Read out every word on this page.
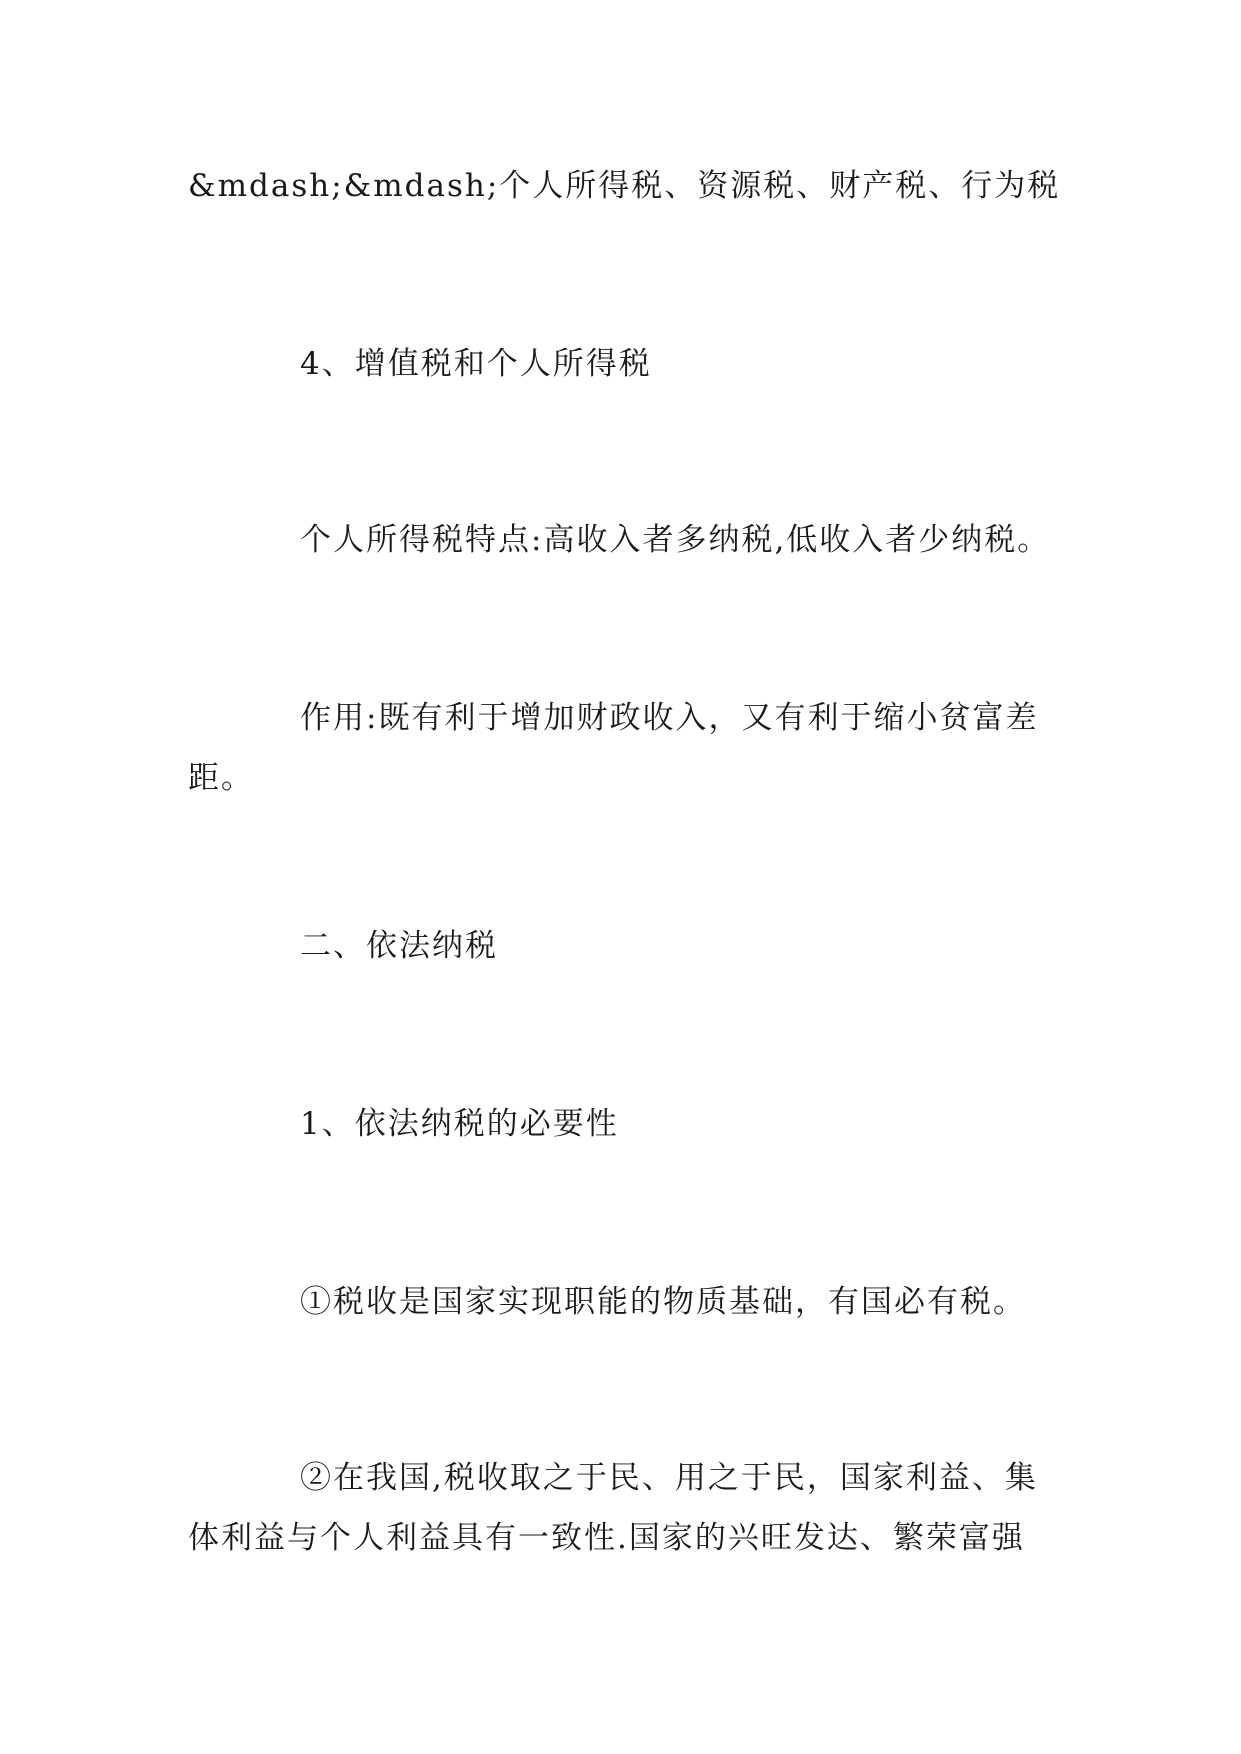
&mdash;&mdash;个人所得税、资源税、财产税、行为税

4、增值税和个人所得税

个人所得税特点:高收入者多纳税,低收入者少纳税。

作用:既有利于增加财政收入，又有利于缩小贫富差距。

二、依法纳税

1、依法纳税的必要性

①税收是国家实现职能的物质基础，有国必有税。

②在我国,税收取之于民、用之于民，国家利益、集体利益与个人利益具有一致性.国家的兴旺发达、繁荣富强
